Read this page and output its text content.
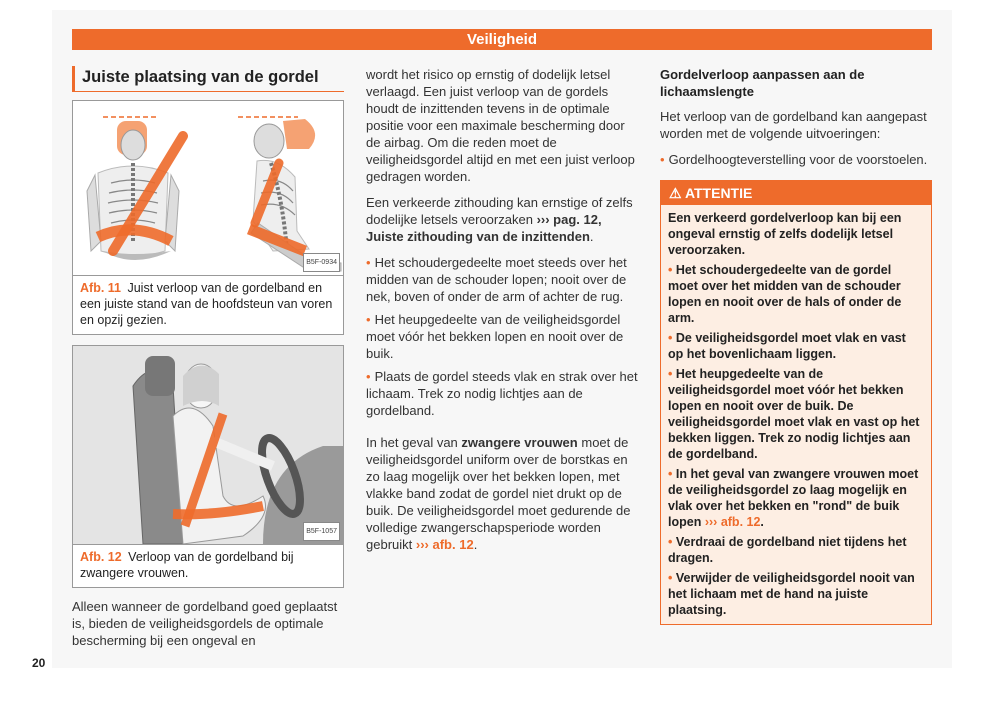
Veiligheid
Juiste plaatsing van de gordel
B5F-0934
Afb. 11 Juist verloop van de gordelband en een juiste stand van de hoofdsteun van voren en opzij gezien.
B5F-1057
Afb. 12 Verloop van de gordelband bij zwangere vrouwen.

Alleen wanneer de gordelband goed geplaatst is, bieden de veiligheidsgordels de optimale bescherming bij een ongeval en

wordt het risico op ernstig of dodelijk letsel verlaagd. Een juist verloop van de gordels houdt de inzittenden tevens in de optimale positie voor een maximale bescherming door de airbag. Om die reden moet de veiligheidsgordel altijd en met een juist verloop gedragen worden.

Een verkeerde zithouding kan ernstige of zelfs dodelijke letsels veroorzaken ››› pag. 12, Juiste zithouding van de inzittenden.

• Het schoudergedeelte moet steeds over het midden van de schouder lopen; nooit over de nek, boven of onder de arm of achter de rug.
• Het heupgedeelte van de veiligheidsgordel moet vóór het bekken lopen en nooit over de buik.
• Plaats de gordel steeds vlak en strak over het lichaam. Trek zo nodig lichtjes aan de gordelband.

In het geval van zwangere vrouwen moet de veiligheidsgordel uniform over de borstkas en zo laag mogelijk over het bekken lopen, met vlakke band zodat de gordel niet drukt op de buik. De veiligheidsgordel moet gedurende de volledige zwangerschapsperiode worden gebruikt ››› afb. 12.

Gordelverloop aanpassen aan de lichaamslengte

Het verloop van de gordelband kan aangepast worden met de volgende uitvoeringen:

• Gordelhoogteverstelling voor de voorstoelen.
⚠ ATTENTIE

Een verkeerd gordelverloop kan bij een ongeval ernstig of zelfs dodelijk letsel veroorzaken.

• Het schoudergedeelte van de gordel moet over het midden van de schouder lopen en nooit over de hals of onder de arm.

• De veiligheidsgordel moet vlak en vast op het bovenlichaam liggen.

• Het heupgedeelte van de veiligheidsgordel moet vóór het bekken lopen en nooit over de buik. De veiligheidsgordel moet vlak en vast op het bekken liggen. Trek zo nodig lichtjes aan de gordelband.

• In het geval van zwangere vrouwen moet de veiligheidsgordel zo laag mogelijk en vlak over het bekken en "rond" de buik lopen ››› afb. 12.

• Verdraai de gordelband niet tijdens het dragen.

• Verwijder de veiligheidsgordel nooit van het lichaam met de hand na juiste plaatsing.

20
